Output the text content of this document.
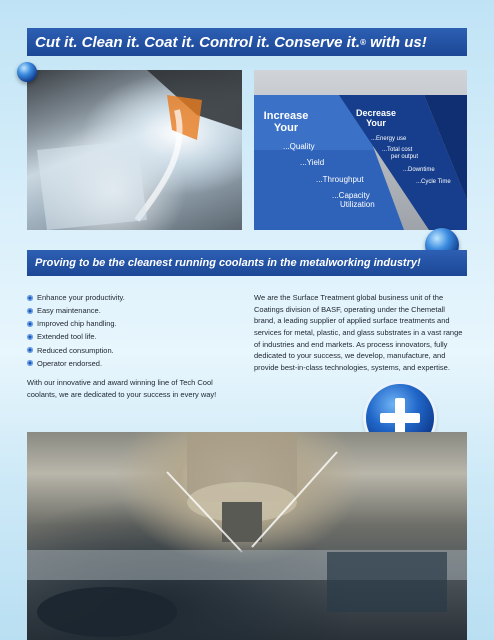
Cut it. Clean it. Coat it. Control it. Conserve it. ® with us!
Increase
Your
...Quality
...Yield
...Throughput
...Capacity
Utilization
Decrease
Your
...Energy use
...Total cost
per output
...Downtime
...Cycle Time
Proving to be the cleanest running coolants in the metalworking industry!
Enhance your productivity.
Easy maintenance.
Improved chip handling.
Extended tool life.
Reduced consumption.
Operator endorsed.

With our innovative and award winning line of Tech Cool coolants, we are dedicated to your success in every way!

We are the Surface Treatment global business unit of the Coatings division of BASF, operating under the Chemetall brand, a leading supplier of applied surface treatments and services for metal, plastic, and glass substrates in a vast range of industries and end markets. As process innovators, fully dedicated to your success, we develop, manufacture, and provide best-in-class technologies, systems, and expertise.
